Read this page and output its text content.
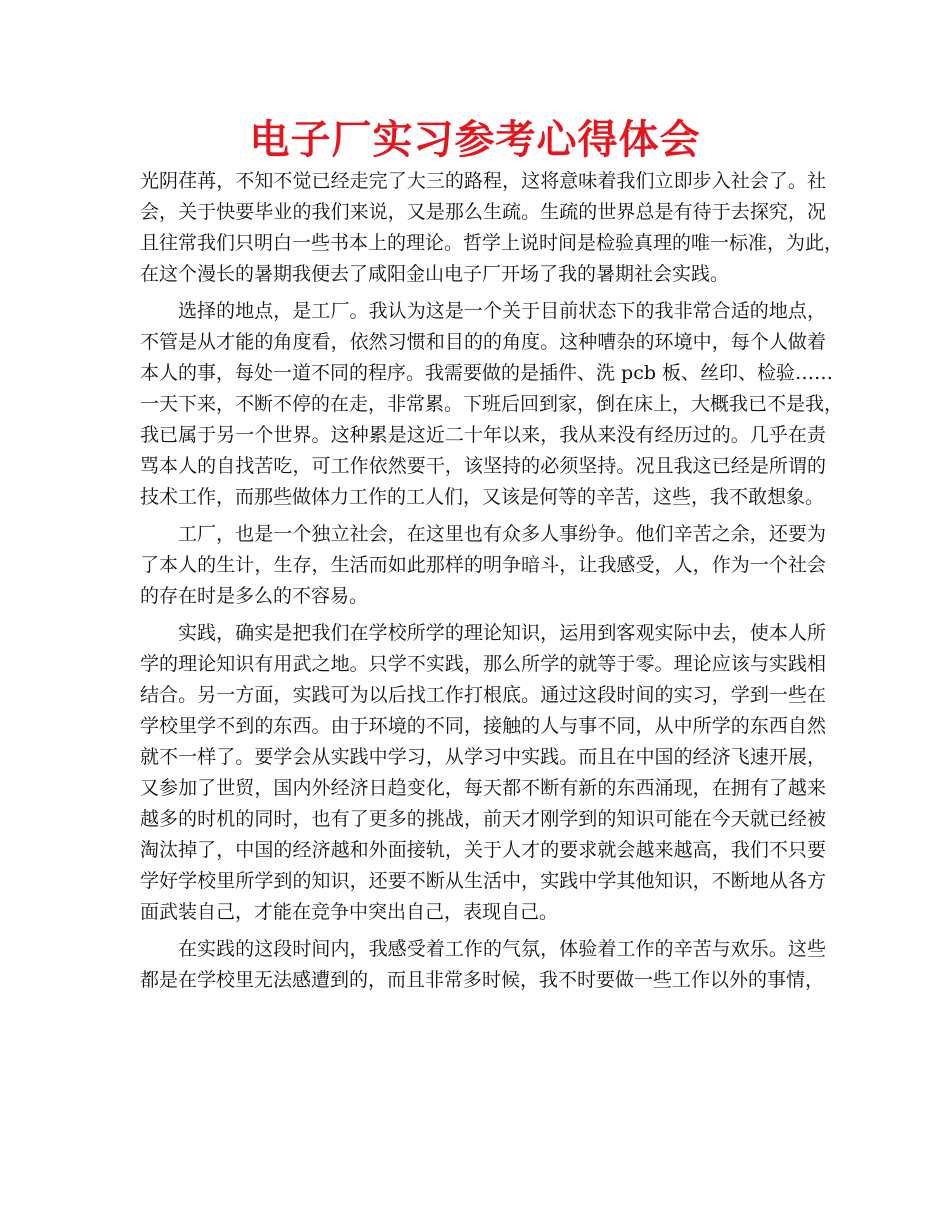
电子厂实习参考心得体会
光阴荏苒，不知不觉已经走完了大三的路程，这将意味着我们立即步入社会了。社
会，关于快要毕业的我们来说，又是那么生疏。生疏的世界总是有待于去探究，况
且往常我们只明白一些书本上的理论。哲学上说时间是检验真理的唯一标准，为此，
在这个漫长的暑期我便去了咸阳金山电子厂开场了我的暑期社会实践。
选择的地点，是工厂。我认为这是一个关于目前状态下的我非常合适的地点，
不管是从才能的角度看，依然习惯和目的的角度。这种嘈杂的环境中，每个人做着
本人的事，每处一道不同的程序。我需要做的是插件、洗 pcb 板、丝印、检验……
一天下来，不断不停的在走，非常累。下班后回到家，倒在床上，大概我已不是我，
我已属于另一个世界。这种累是这近二十年以来，我从来没有经历过的。几乎在责
骂本人的自找苦吃，可工作依然要干，该坚持的必须坚持。况且我这已经是所谓的
技术工作，而那些做体力工作的工人们，又该是何等的辛苦，这些，我不敢想象。
工厂，也是一个独立社会，在这里也有众多人事纷争。他们辛苦之余，还要为
了本人的生计，生存，生活而如此那样的明争暗斗，让我感受，人，作为一个社会
的存在时是多么的不容易。
实践，确实是把我们在学校所学的理论知识，运用到客观实际中去，使本人所
学的理论知识有用武之地。只学不实践，那么所学的就等于零。理论应该与实践相
结合。另一方面，实践可为以后找工作打根底。通过这段时间的实习，学到一些在
学校里学不到的东西。由于环境的不同，接触的人与事不同，从中所学的东西自然
就不一样了。要学会从实践中学习，从学习中实践。而且在中国的经济飞速开展，
又参加了世贸，国内外经济日趋变化，每天都不断有新的东西涌现，在拥有了越来
越多的时机的同时，也有了更多的挑战，前天才刚学到的知识可能在今天就已经被
淘汰掉了，中国的经济越和外面接轨，关于人才的要求就会越来越高，我们不只要
学好学校里所学到的知识，还要不断从生活中，实践中学其他知识，不断地从各方
面武装自己，才能在竞争中突出自己，表现自己。
在实践的这段时间内，我感受着工作的气氛，体验着工作的辛苦与欢乐。这些
都是在学校里无法感遭到的，而且非常多时候，我不时要做一些工作以外的事情，
